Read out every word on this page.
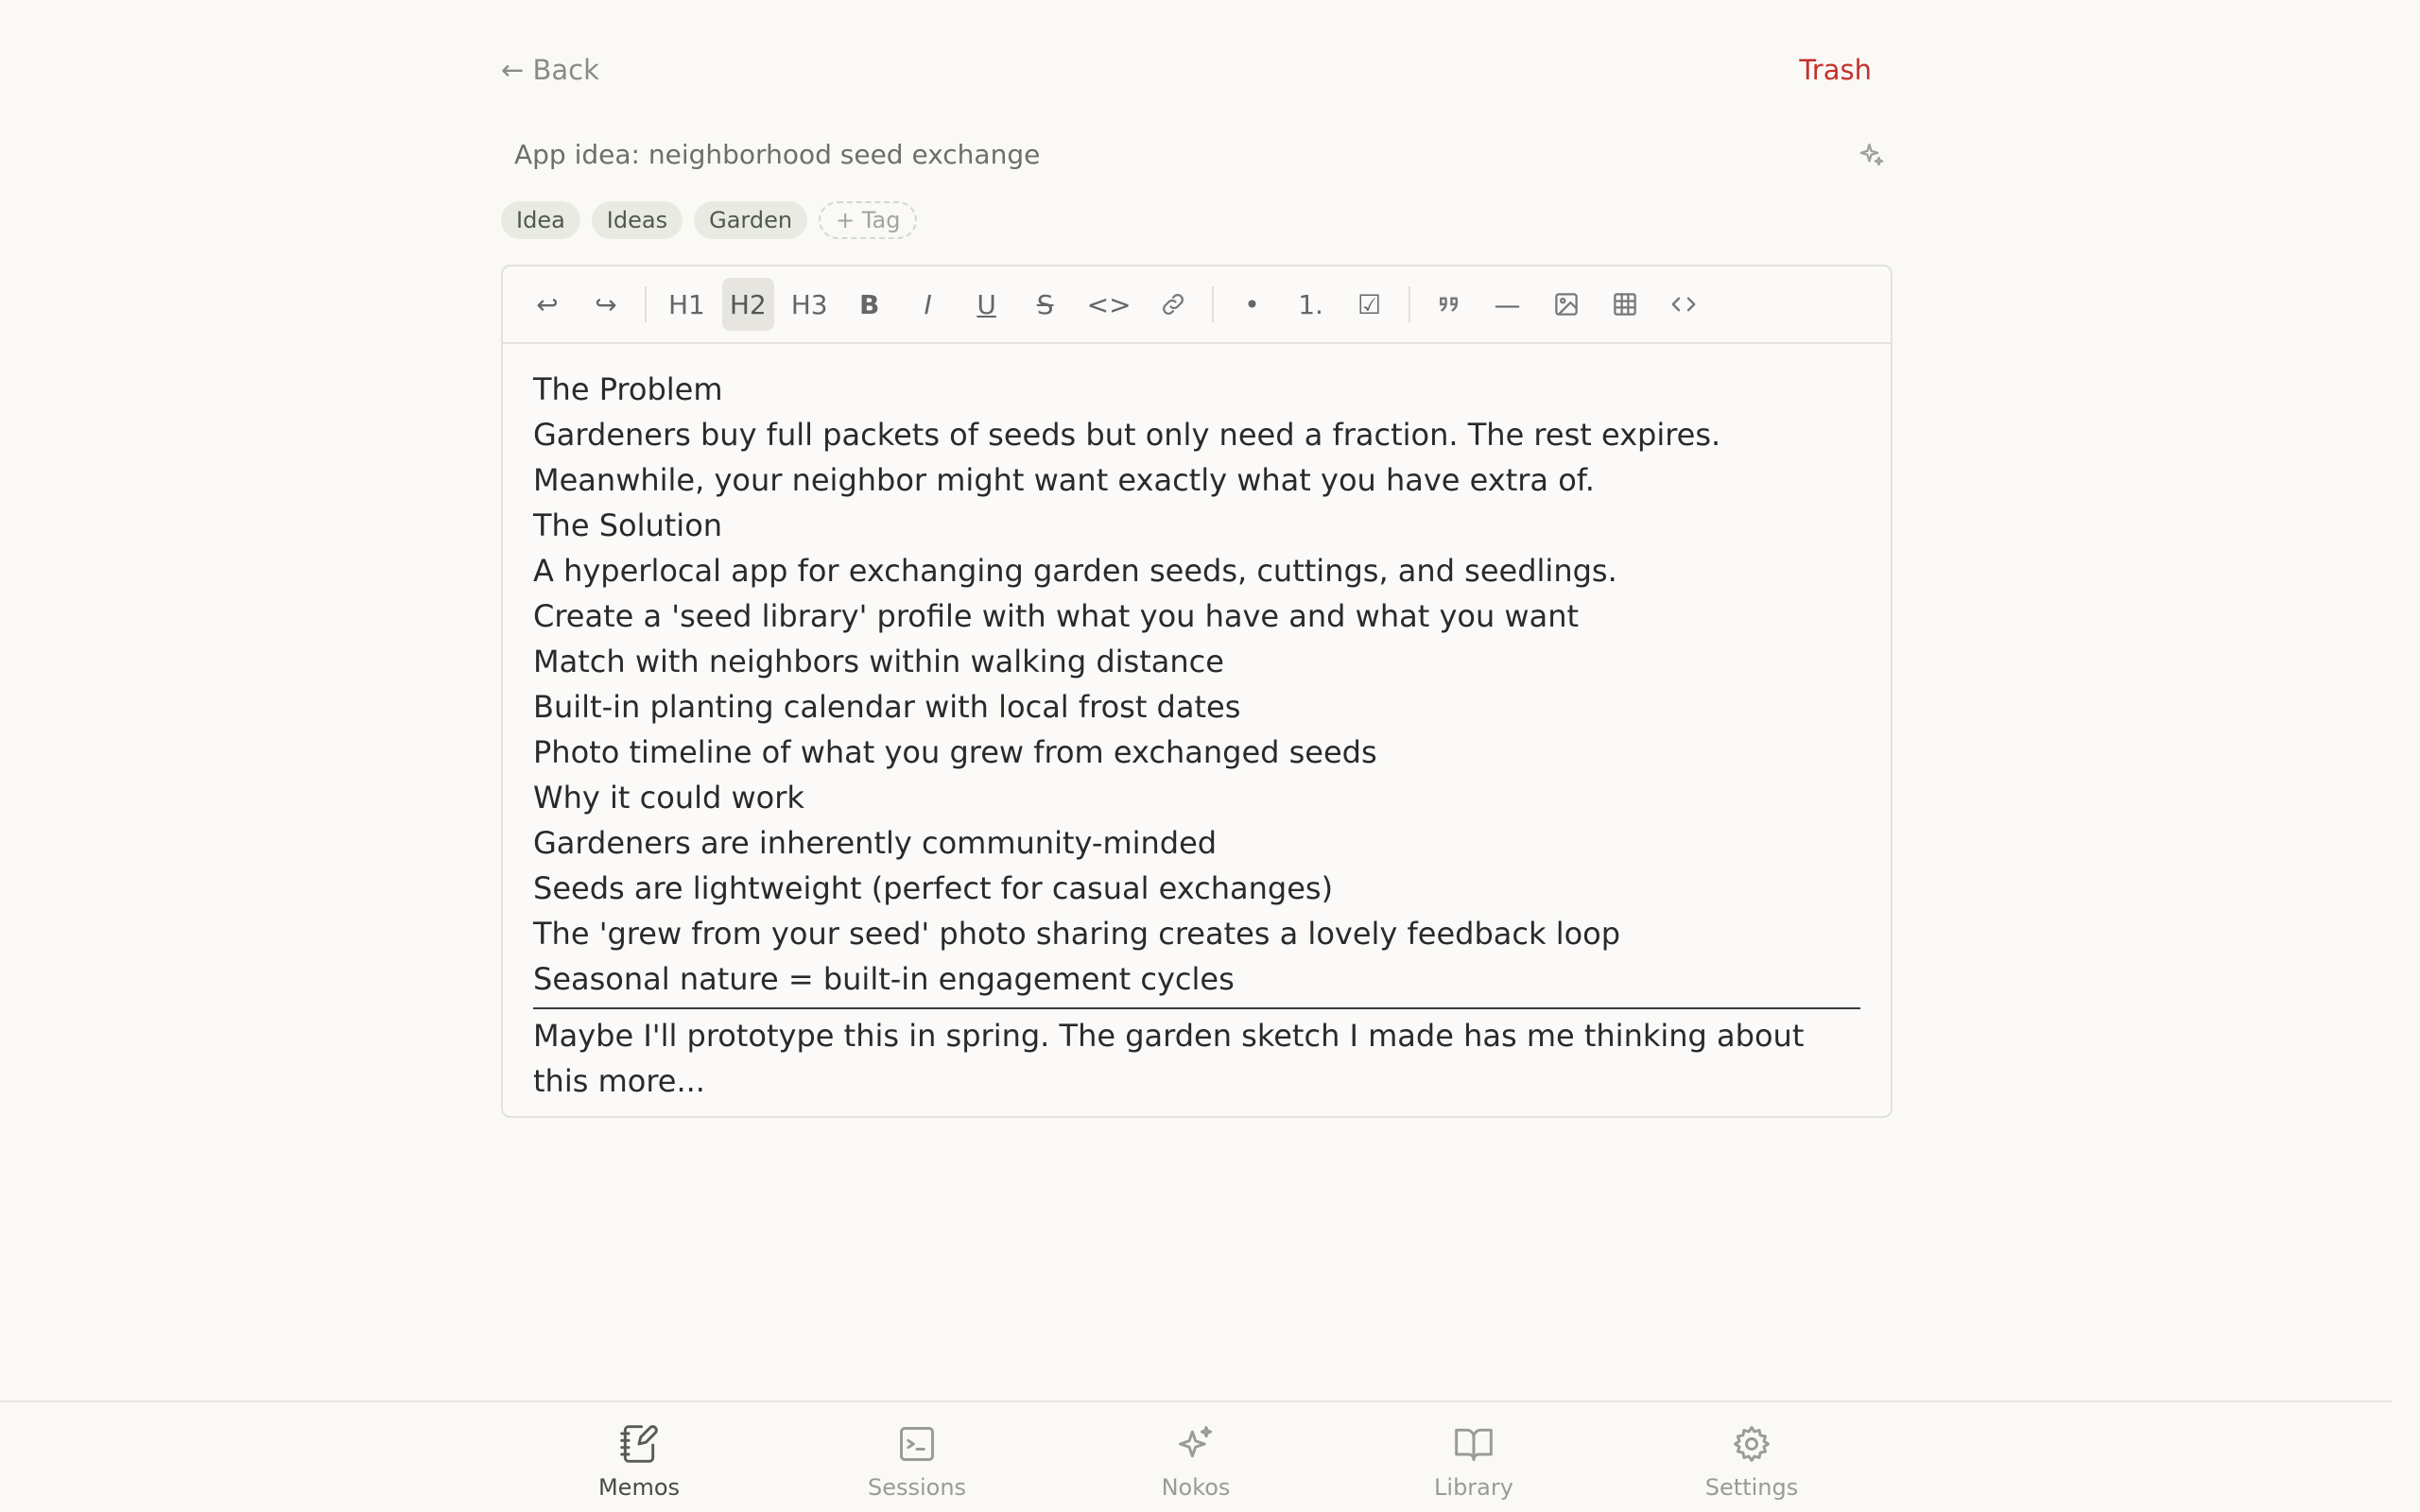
← Back	Trash
App idea: neighborhood seed exchange
Idea	Ideas	Garden	+ Tag
↩	↪	H1 H2 H3	B	I	U	S	<>	•	1.	☑	—
The Problem
Gardeners buy full packets of seeds but only need a fraction. The rest expires.
Meanwhile, your neighbor might want exactly what you have extra of.
The Solution
A hyperlocal app for exchanging garden seeds, cuttings, and seedlings.
Create a 'seed library' profile with what you have and what you want
Match with neighbors within walking distance
Built-in planting calendar with local frost dates
Photo timeline of what you grew from exchanged seeds
Why it could work
Gardeners are inherently community-minded
Seeds are lightweight (perfect for casual exchanges)
The 'grew from your seed' photo sharing creates a lovely feedback loop
Seasonal nature = built-in engagement cycles
Maybe I'll prototype this in spring. The garden sketch I made has me thinking about this more...
Memos	Sessions	Nokos	Library	Settings
